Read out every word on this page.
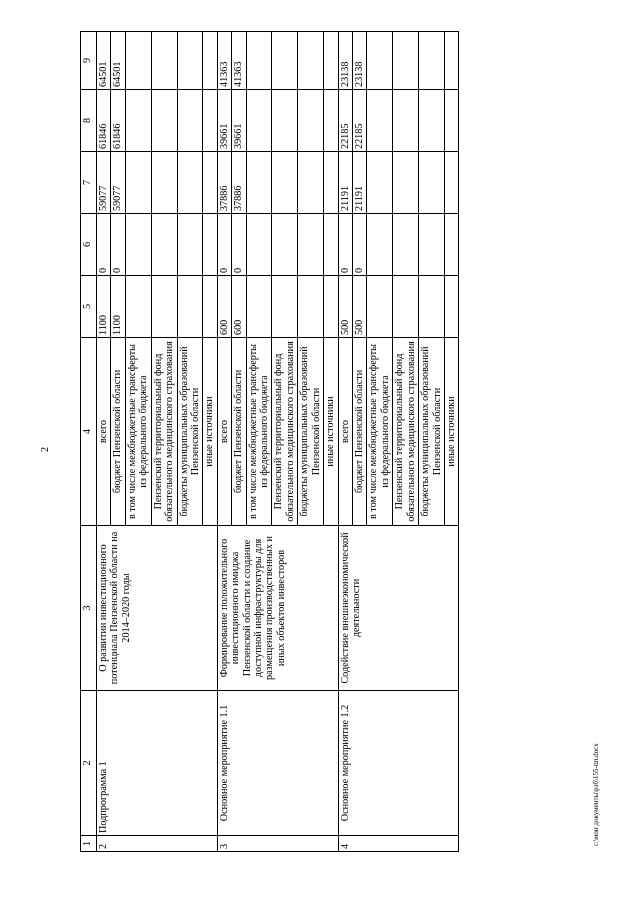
2
1	2	3	4	5	6	7	8	9
2	Подпрограмма 1	О развитии инвестиционного потенциала Пензенской области на 2014–2020 годы	всего	1100	0	59077	61846	64501
			бюджет Пензенской области	1100	0	59077	61846	64501
			в том числе межбюджетные трансферты из федерального бюджета					
			Пензенский территориальный фонд обязательного медицинского страхования					
			бюджеты муниципальных образований Пензенской области					
			иные источники					
3	Основное мероприятие 1.1	Формирование положительного инвестиционного имиджа Пензенской области и создание доступной инфраструктуры для размещения производственных и иных объектов инвесторов	всего	600	0	37886	39661	41363
			бюджет Пензенской области	600	0	37886	39661	41363
			в том числе межбюджетные трансферты из федерального бюджета					
			Пензенский территориальный фонд обязательного медицинского страхования					
			бюджеты муниципальных образований Пензенской области					
			иные источники					
4	Основное мероприятие 1.2	Содействие внешнеэкономической деятельности	всего	500	0	21191	22185	23138
			бюджет Пензенской области	500	0	21191	22185	23138
			в том числе межбюджетные трансферты из федерального бюджета					
			Пензенский территориальный фонд обязательного медицинского страхования					
			бюджеты муниципальных образований Пензенской области					
			иные источники					
c:\мои документы\рзб\155-пп.docx
